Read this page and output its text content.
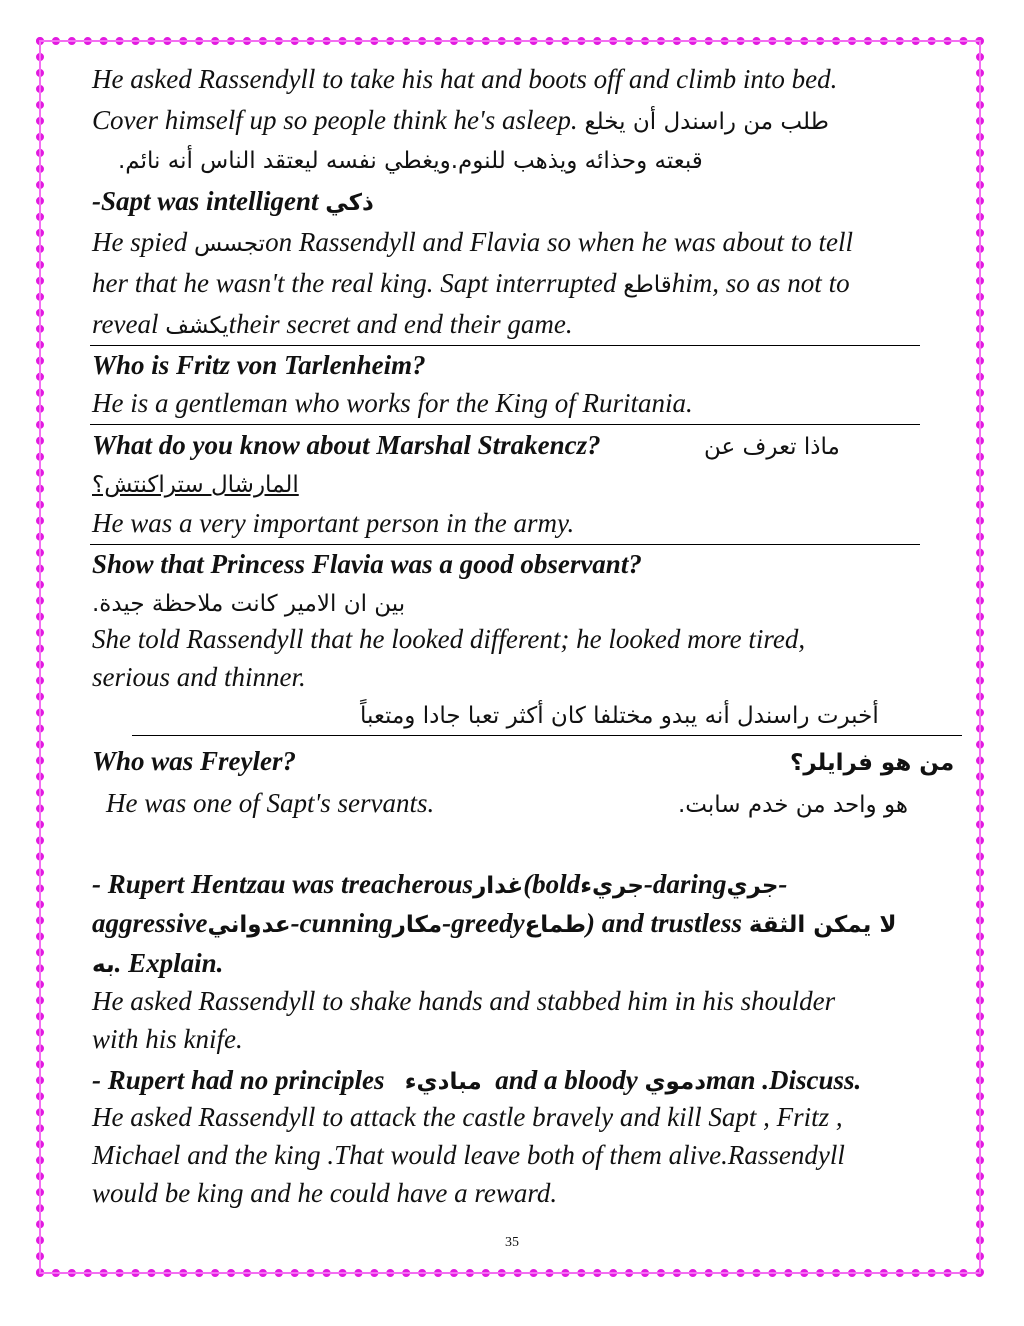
He asked Rassendyll to take his hat and boots off and climb into bed.
Cover himself up so people think he's asleep. طلب من راسندل أن يخلع
قبعته وحذائه ويذهب للنوم.ويغطي نفسه ليعتقد الناس أنه نائم.
-Sapt was intelligent ذكي
He spied تجسسon Rassendyll and Flavia so when he was about to tell
her that he wasn't the real king. Sapt interrupted قاطعhim, so as not to
reveal يكشفtheir secret and end their game.
Who is Fritz von Tarlenheim?
He is a gentleman who works for the King of Ruritania.
What do you know about Marshal Strakencz?	ماذا تعرف عن
المارشال ستراكنتش؟
He was a very important person in the army.
Show that Princess Flavia was a good observant?
بين ان الامير كانت ملاحظة جيدة.
She told Rassendyll that he looked different; he looked more tired,
serious and thinner.
أخبرت راسندل أنه يبدو مختلفا كان أكثر تعبا جادا ومتعباً
Who was Freyler?	من هو فرايلر؟
He was one of Sapt's servants.	هو واحد من خدم سابت.
- Rupert Hentzau was treacherousغدار(boldجريء-daringجري-
aggressiveعدواني-cunningمكار-greedyطماع) and trustless لا يمكن الثقة
به. Explain.
He asked Rassendyll to shake hands and stabbed him in his shoulder
with his knife.
- Rupert had no principles مباديء and a bloody دمويman .Discuss.
He asked Rassendyll to attack the castle bravely and kill Sapt , Fritz ,
Michael and the king .That would leave both of them alive.Rassendyll
would be king and he could have a reward.
35
